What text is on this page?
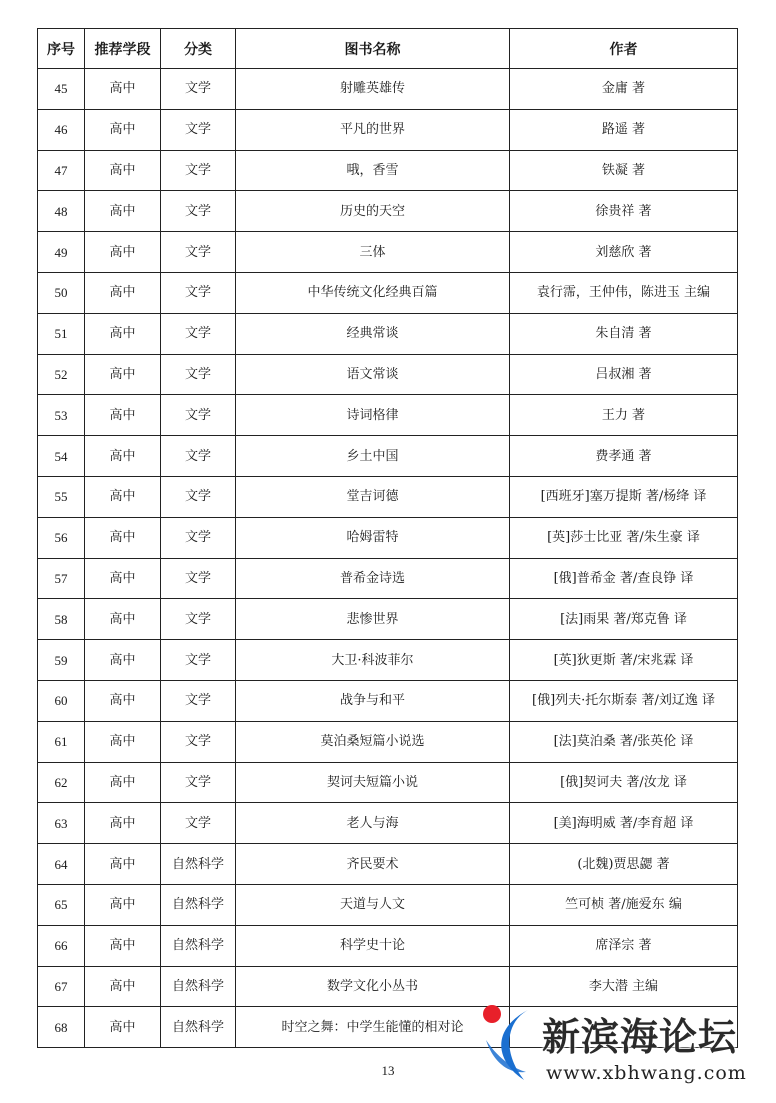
序号	推荐学段	分类	图书名称	作者
45	高中	文学	射雕英雄传	金庸 著
46	高中	文学	平凡的世界	路遥 著
47	高中	文学	哦，香雪	铁凝 著
48	高中	文学	历史的天空	徐贵祥 著
49	高中	文学	三体	刘慈欣 著
50	高中	文学	中华传统文化经典百篇	袁行霈，王仲伟，陈进玉 主编
51	高中	文学	经典常谈	朱自清 著
52	高中	文学	语文常谈	吕叔湘 著
53	高中	文学	诗词格律	王力 著
54	高中	文学	乡土中国	费孝通 著
55	高中	文学	堂吉诃德	[西班牙]塞万提斯 著/杨绛 译
56	高中	文学	哈姆雷特	[英]莎士比亚 著/朱生豪 译
57	高中	文学	普希金诗选	[俄]普希金 著/查良铮 译
58	高中	文学	悲惨世界	[法]雨果 著/郑克鲁 译
59	高中	文学	大卫·科波菲尔	[英]狄更斯 著/宋兆霖 译
60	高中	文学	战争与和平	[俄]列夫·托尔斯泰 著/刘辽逸 译
61	高中	文学	莫泊桑短篇小说选	[法]莫泊桑 著/张英伦 译
62	高中	文学	契诃夫短篇小说	[俄]契诃夫 著/汝龙 译
63	高中	文学	老人与海	[美]海明威 著/李育超 译
64	高中	自然科学	齐民要术	(北魏)贾思勰 著
65	高中	自然科学	天道与人文	竺可桢 著/施爱东 编
66	高中	自然科学	科学史十论	席泽宗 著
67	高中	自然科学	数学文化小丛书	李大潜 主编
68	高中	自然科学	时空之舞：中学生能懂的相对论	
13
新滨海论坛
www.xbhwang.com
